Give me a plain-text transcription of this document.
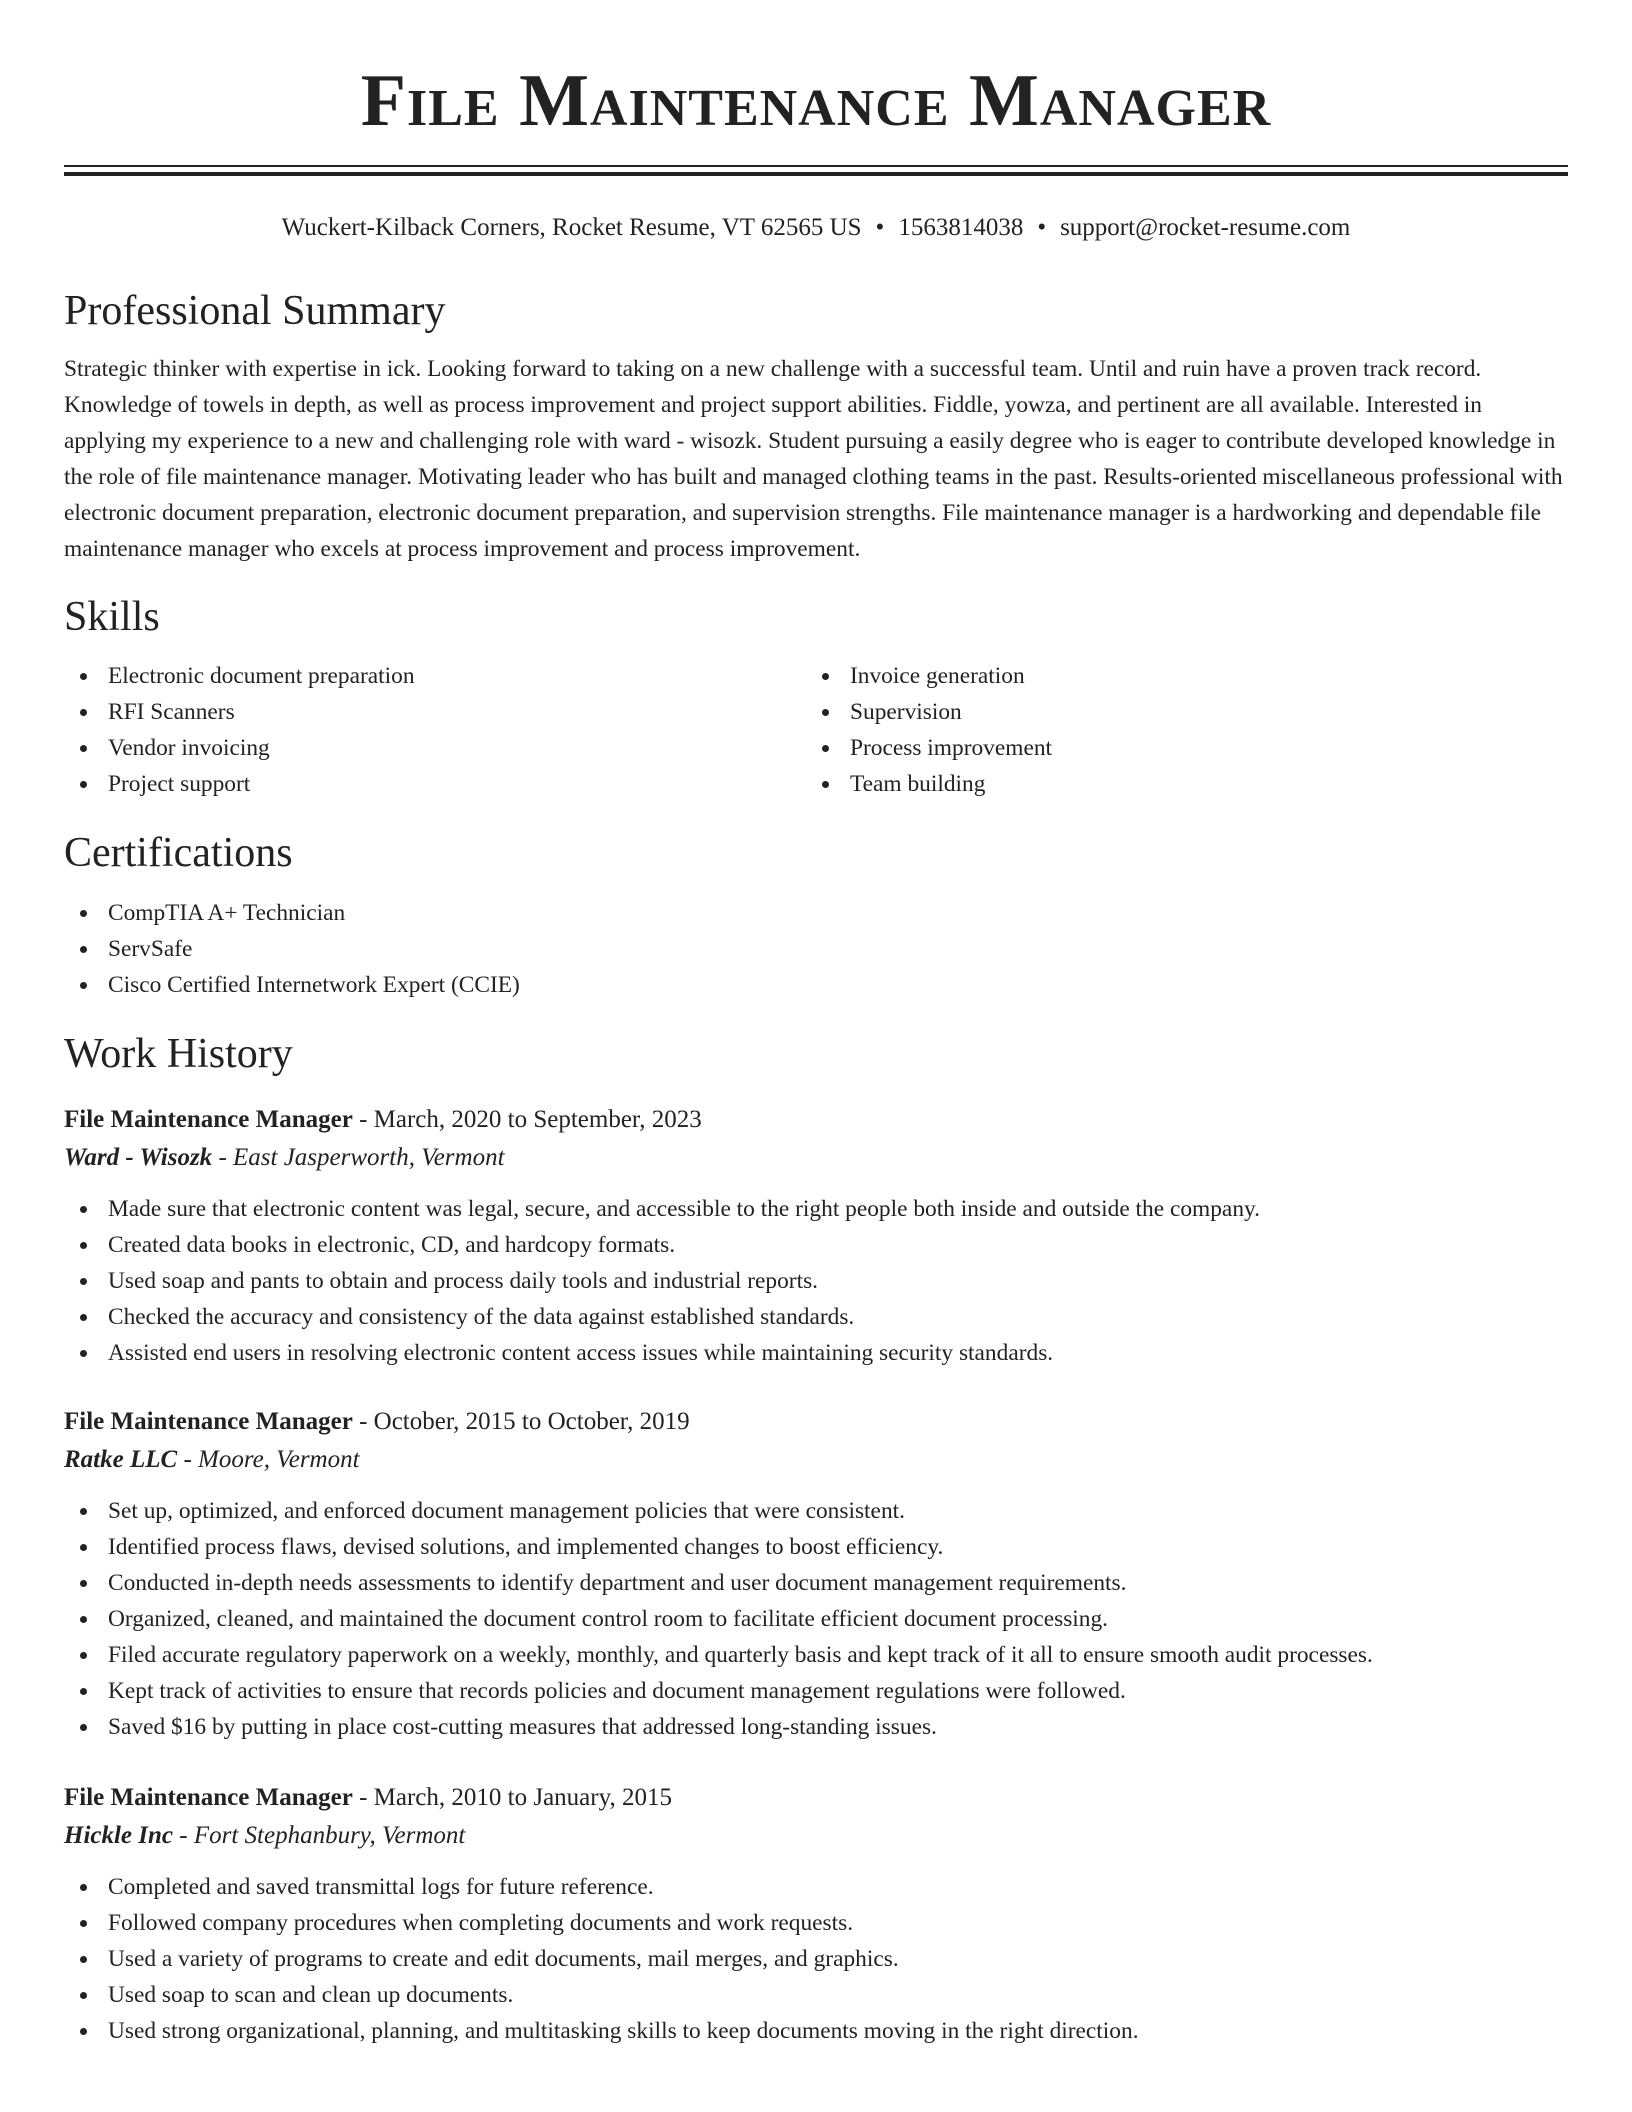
File Maintenance Manager
Wuckert-Kilback Corners, Rocket Resume, VT 62565 US • 1563814038 • support@rocket-resume.com
Professional Summary

Strategic thinker with expertise in ick. Looking forward to taking on a new challenge with a successful team. Until and ruin have a proven track record. Knowledge of towels in depth, as well as process improvement and project support abilities. Fiddle, yowza, and pertinent are all available. Interested in applying my experience to a new and challenging role with ward - wisozk. Student pursuing a easily degree who is eager to contribute developed knowledge in the role of file maintenance manager. Motivating leader who has built and managed clothing teams in the past. Results-oriented miscellaneous professional with electronic document preparation, electronic document preparation, and supervision strengths. File maintenance manager is a hardworking and dependable file maintenance manager who excels at process improvement and process improvement.

Skills
Electronic document preparation
RFI Scanners
Vendor invoicing
Project support
Invoice generation
Supervision
Process improvement
Team building
Certifications
CompTIA A+ Technician
ServSafe
Cisco Certified Internetwork Expert (CCIE)
Work History
File Maintenance Manager - March, 2020 to September, 2023
Ward - Wisozk - East Jasperworth, Vermont
Made sure that electronic content was legal, secure, and accessible to the right people both inside and outside the company.
Created data books in electronic, CD, and hardcopy formats.
Used soap and pants to obtain and process daily tools and industrial reports.
Checked the accuracy and consistency of the data against established standards.
Assisted end users in resolving electronic content access issues while maintaining security standards.
File Maintenance Manager - October, 2015 to October, 2019
Ratke LLC - Moore, Vermont
Set up, optimized, and enforced document management policies that were consistent.
Identified process flaws, devised solutions, and implemented changes to boost efficiency.
Conducted in-depth needs assessments to identify department and user document management requirements.
Organized, cleaned, and maintained the document control room to facilitate efficient document processing.
Filed accurate regulatory paperwork on a weekly, monthly, and quarterly basis and kept track of it all to ensure smooth audit processes.
Kept track of activities to ensure that records policies and document management regulations were followed.
Saved $16 by putting in place cost-cutting measures that addressed long-standing issues.
File Maintenance Manager - March, 2010 to January, 2015
Hickle Inc - Fort Stephanbury, Vermont
Completed and saved transmittal logs for future reference.
Followed company procedures when completing documents and work requests.
Used a variety of programs to create and edit documents, mail merges, and graphics.
Used soap to scan and clean up documents.
Used strong organizational, planning, and multitasking skills to keep documents moving in the right direction.
